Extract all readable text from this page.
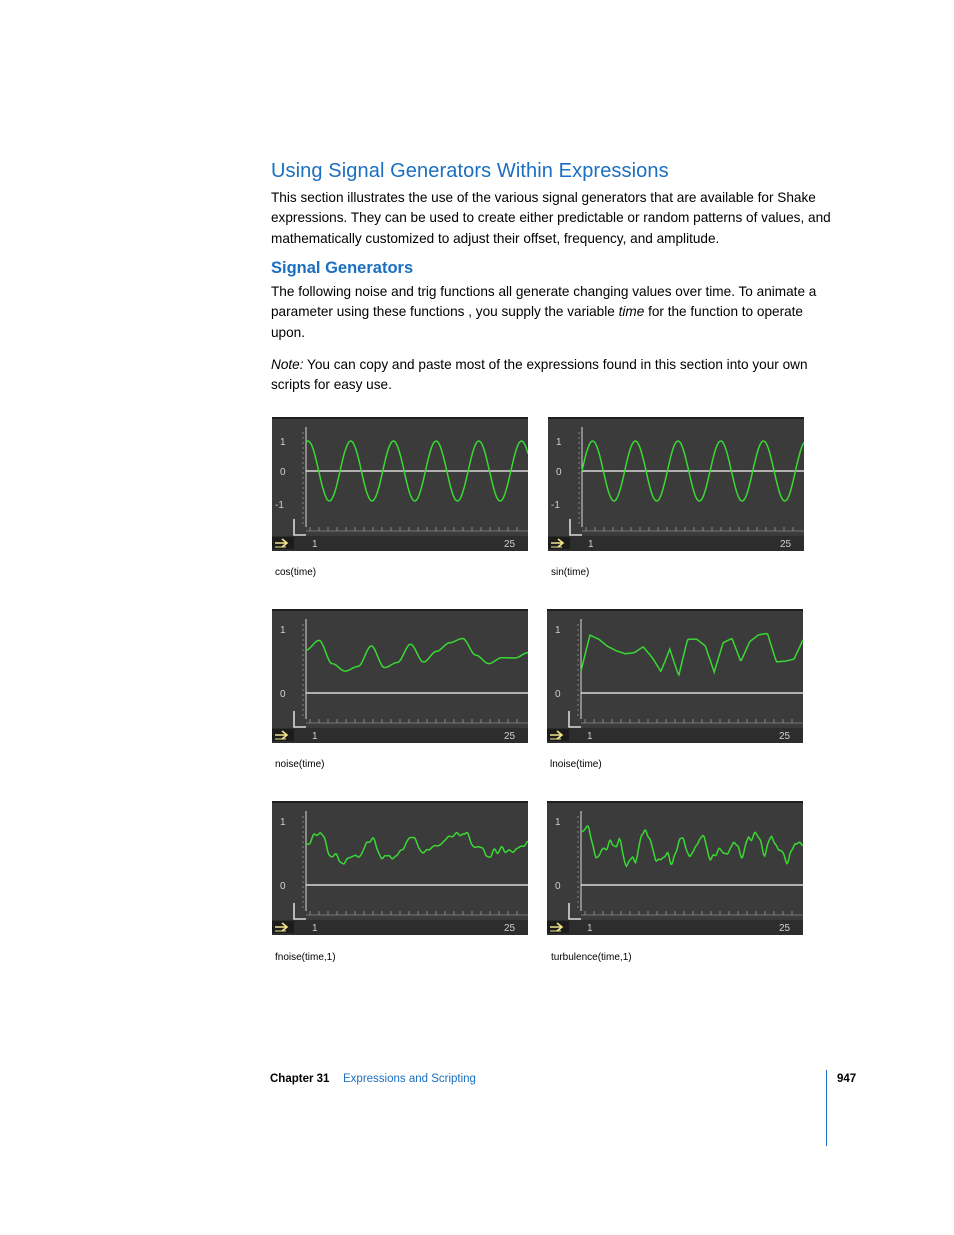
Using Signal Generators Within Expressions

This section illustrates the use of the various signal generators that are available for Shake expressions. They can be used to create either predictable or random patterns of values, and mathematically customized to adjust their offset, frequency, and amplitude.

Signal Generators

The following noise and trig functions all generate changing values over time. To animate a parameter using these functions , you supply the variable time for the function to operate upon.

Note: You can copy and paste most of the expressions found in this section into your own scripts for easy use.

1
0
-1
1	25
cos(time)
1
0
-1
1	25
sin(time)
1
0
1	25
noise(time)
1
0
1	25
lnoise(time)
1
0
1	25
fnoise(time,1)
1
0
1	25
turbulence(time,1)
Chapter 31 Expressions and Scripting	947
